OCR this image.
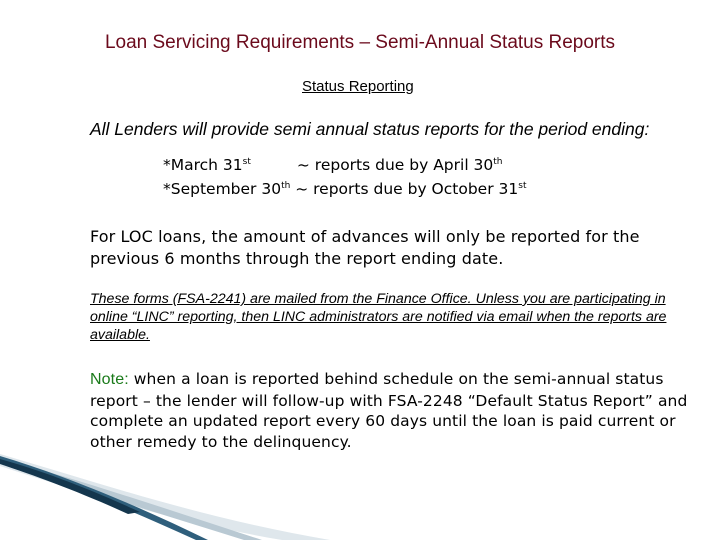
Loan Servicing Requirements – Semi-Annual Status Reports
Status Reporting
All Lenders will provide semi annual status reports for the period ending:
*March 31st	~ reports due by April 30th
*September 30th ~ reports due by October 31st
For LOC loans, the amount of advances will only be reported for the previous 6 months through the report ending date.
These forms (FSA-2241) are mailed from the Finance Office. Unless you are participating in online “LINC” reporting, then LINC administrators are notified via email when the reports are available.
Note: when a loan is reported behind schedule on the semi-annual status report – the lender will follow-up with FSA-2248 “Default Status Report” and complete an updated report every 60 days until the loan is paid current or other remedy to the delinquency.
